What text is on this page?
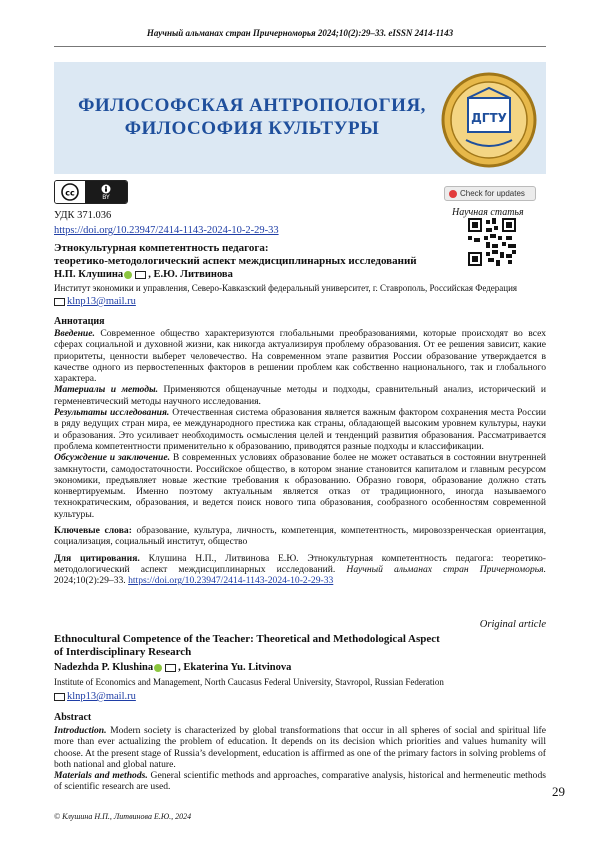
Научный альманах стран Причерноморья 2024;10(2):29–33. eISSN 2414-1143
ФИЛОСОФСКАЯ АНТРОПОЛОГИЯ,
ФИЛОСОФИЯ КУЛЬТУРЫ	ДГТУ
cc	BY	Check for updates
Научная статья
УДК 371.036
https://doi.org/10.23947/2414-1143-2024-10-2-29-33
Этнокультурная компетентность педагога:
теоретико-методологический аспект междисциплинарных исследований
Н.П. Клушина , Е.Ю. Литвинова
Институт экономики и управления, Северо-Кавказский федеральный университет, г. Ставрополь, Российская Федерация
klnp13@mail.ru
Аннотация
Введение. Современное общество характеризуются глобальными преобразованиями, которые происходят во всех сферах социальной и духовной жизни, как никогда актуализируя проблему образования. От ее решения зависит, какие приоритеты, ценности выберет человечество. На современном этапе развития России образование утверждается в качестве одного из первостепенных факторов в решении проблем как собственно национального, так и глобального характера.
Материалы и методы. Применяются общенаучные методы и подходы, сравнительный анализ, исторический и герменевтический методы научного исследования.
Результаты исследования. Отечественная система образования является важным фактором сохранения места России в ряду ведущих стран мира, ее международного престижа как страны, обладающей высоким уровнем культуры, науки и образования. Это усиливает необходимость осмысления целей и тенденций развития образования. Рассматривается проблема компетентности применительно к образованию, приводятся разные подходы и классификации.
Обсуждение и заключение. В современных условиях образование более не может оставаться в состоянии внутренней замкнутости, самодостаточности. Российское общество, в котором знание становится капиталом и главным ресурсом экономики, предъявляет новые жесткие требования к образованию. Образно говоря, образование должно стать конвертируемым. Именно поэтому актуальным является отказ от традиционного, иногда называемого технократическим, образования, и ведется поиск нового типа образования, сообразного особенностям современной культуры.
Ключевые слова: образование, культура, личность, компетенция, компетентность, мировоззренческая ориентация, социализация, социальный институт, общество
Для цитирования. Клушина Н.П., Литвинова Е.Ю. Этнокультурная компетентность педагога: теоретико-методологический аспект междисциплинарных исследований. Научный альманах стран Причерноморья. 2024;10(2):29–33. https://doi.org/10.23947/2414-1143-2024-10-2-29-33
Original article
Ethnocultural Competence of the Teacher: Theoretical and Methodological Aspect
of Interdisciplinary Research
Nadezhda P. Klushina , Ekaterina Yu. Litvinova
Institute of Economics and Management, North Caucasus Federal University, Stavropol, Russian Federation
klnp13@mail.ru
Abstract
Introduction. Modern society is characterized by global transformations that occur in all spheres of social and spiritual life more than ever actualizing the problem of education. It depends on its decision which priorities and values humanity will choose. At the present stage of Russia’s development, education is affirmed as one of the primary factors in solving problems of both national and global nature.
Materials and methods. General scientific methods and approaches, comparative analysis, historical and hermeneutic methods of scientific research are used.	29
© Клушина Н.П., Литвинова Е.Ю., 2024
